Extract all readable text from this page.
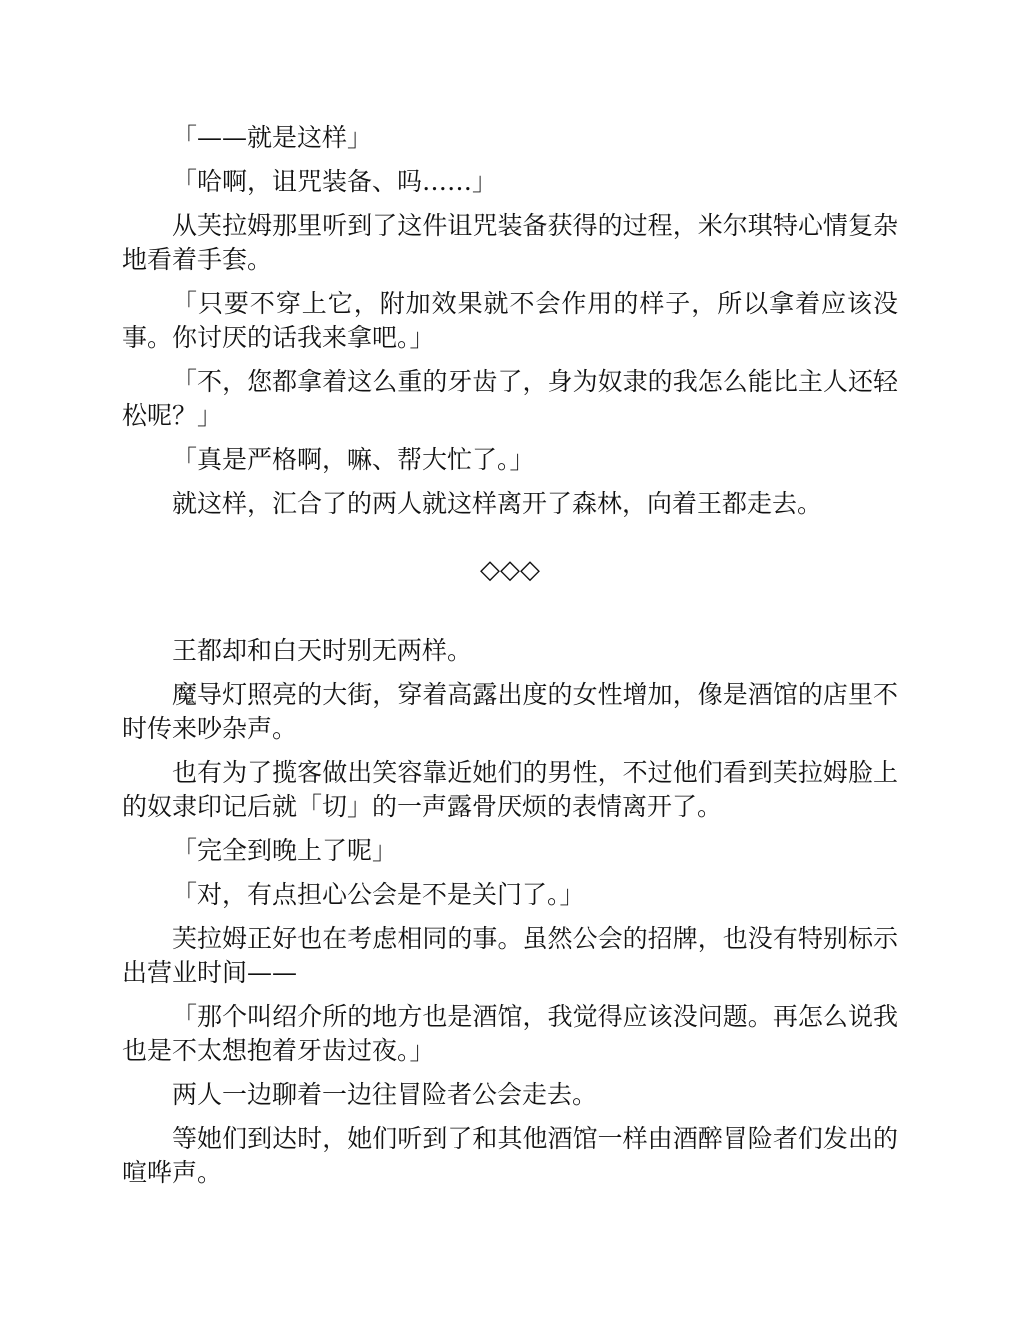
「——就是这样」

「哈啊，诅咒装备、吗……」

从芙拉姆那里听到了这件诅咒装备获得的过程，米尔琪特心情复杂地看着手套。

「只要不穿上它，附加效果就不会作用的样子，所以拿着应该没事。你讨厌的话我来拿吧。」

「不，您都拿着这么重的牙齿了，身为奴隶的我怎么能比主人还轻松呢？」

「真是严格啊，嘛、帮大忙了。」

就这样，汇合了的两人就这样离开了森林，向着王都走去。

◇◇◇

王都却和白天时别无两样。

魔导灯照亮的大街，穿着高露出度的女性增加，像是酒馆的店里不时传来吵杂声。

也有为了揽客做出笑容靠近她们的男性，不过他们看到芙拉姆脸上的奴隶印记后就「切」的一声露骨厌烦的表情离开了。

「完全到晚上了呢」

「对，有点担心公会是不是关门了。」

芙拉姆正好也在考虑相同的事。虽然公会的招牌，也没有特别标示出营业时间——

「那个叫绍介所的地方也是酒馆，我觉得应该没问题。再怎么说我也是不太想抱着牙齿过夜。」

两人一边聊着一边往冒险者公会走去。

等她们到达时，她们听到了和其他酒馆一样由酒醉冒险者们发出的喧哗声。
